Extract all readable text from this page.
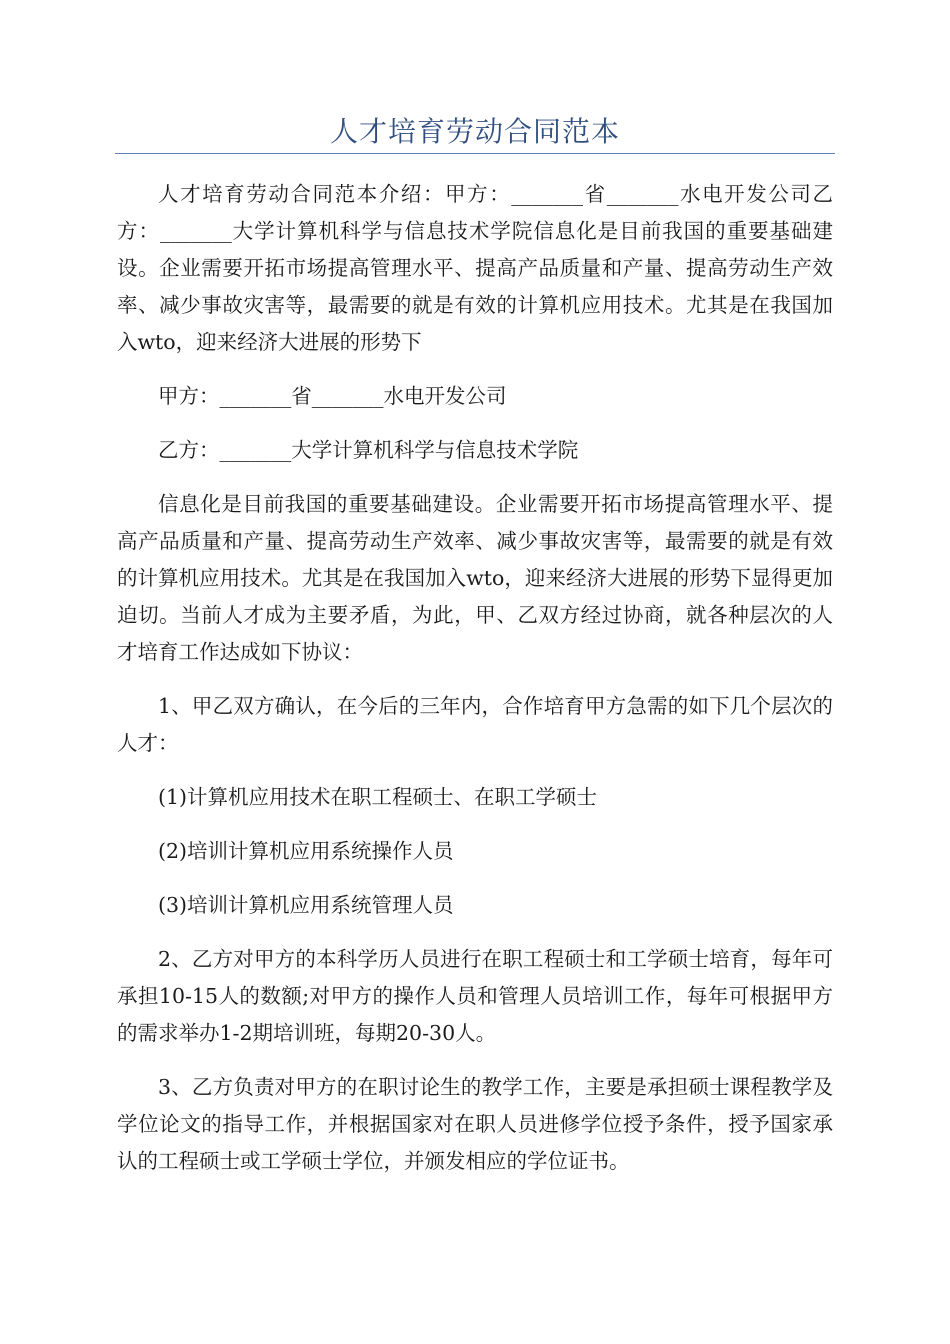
人才培育劳动合同范本

人才培育劳动合同范本介绍：甲方：_______省_______水电开发公司乙方：_______大学计算机科学与信息技术学院信息化是目前我国的重要基础建设。企业需要开拓市场提高管理水平、提高产品质量和产量、提高劳动生产效率、减少事故灾害等，最需要的就是有效的计算机应用技术。尤其是在我国加入wto，迎来经济大进展的形势下

甲方：_______省_______水电开发公司

乙方：_______大学计算机科学与信息技术学院

信息化是目前我国的重要基础建设。企业需要开拓市场提高管理水平、提高产品质量和产量、提高劳动生产效率、减少事故灾害等，最需要的就是有效的计算机应用技术。尤其是在我国加入wto，迎来经济大进展的形势下显得更加迫切。当前人才成为主要矛盾，为此，甲、乙双方经过协商，就各种层次的人才培育工作达成如下协议：

1、甲乙双方确认，在今后的三年内，合作培育甲方急需的如下几个层次的人才：

(1)计算机应用技术在职工程硕士、在职工学硕士

(2)培训计算机应用系统操作人员

(3)培训计算机应用系统管理人员

2、乙方对甲方的本科学历人员进行在职工程硕士和工学硕士培育，每年可承担10-15人的数额;对甲方的操作人员和管理人员培训工作，每年可根据甲方的需求举办1-2期培训班，每期20-30人。

3、乙方负责对甲方的在职讨论生的教学工作，主要是承担硕士课程教学及学位论文的指导工作，并根据国家对在职人员进修学位授予条件，授予国家承认的工程硕士或工学硕士学位，并颁发相应的学位证书。
